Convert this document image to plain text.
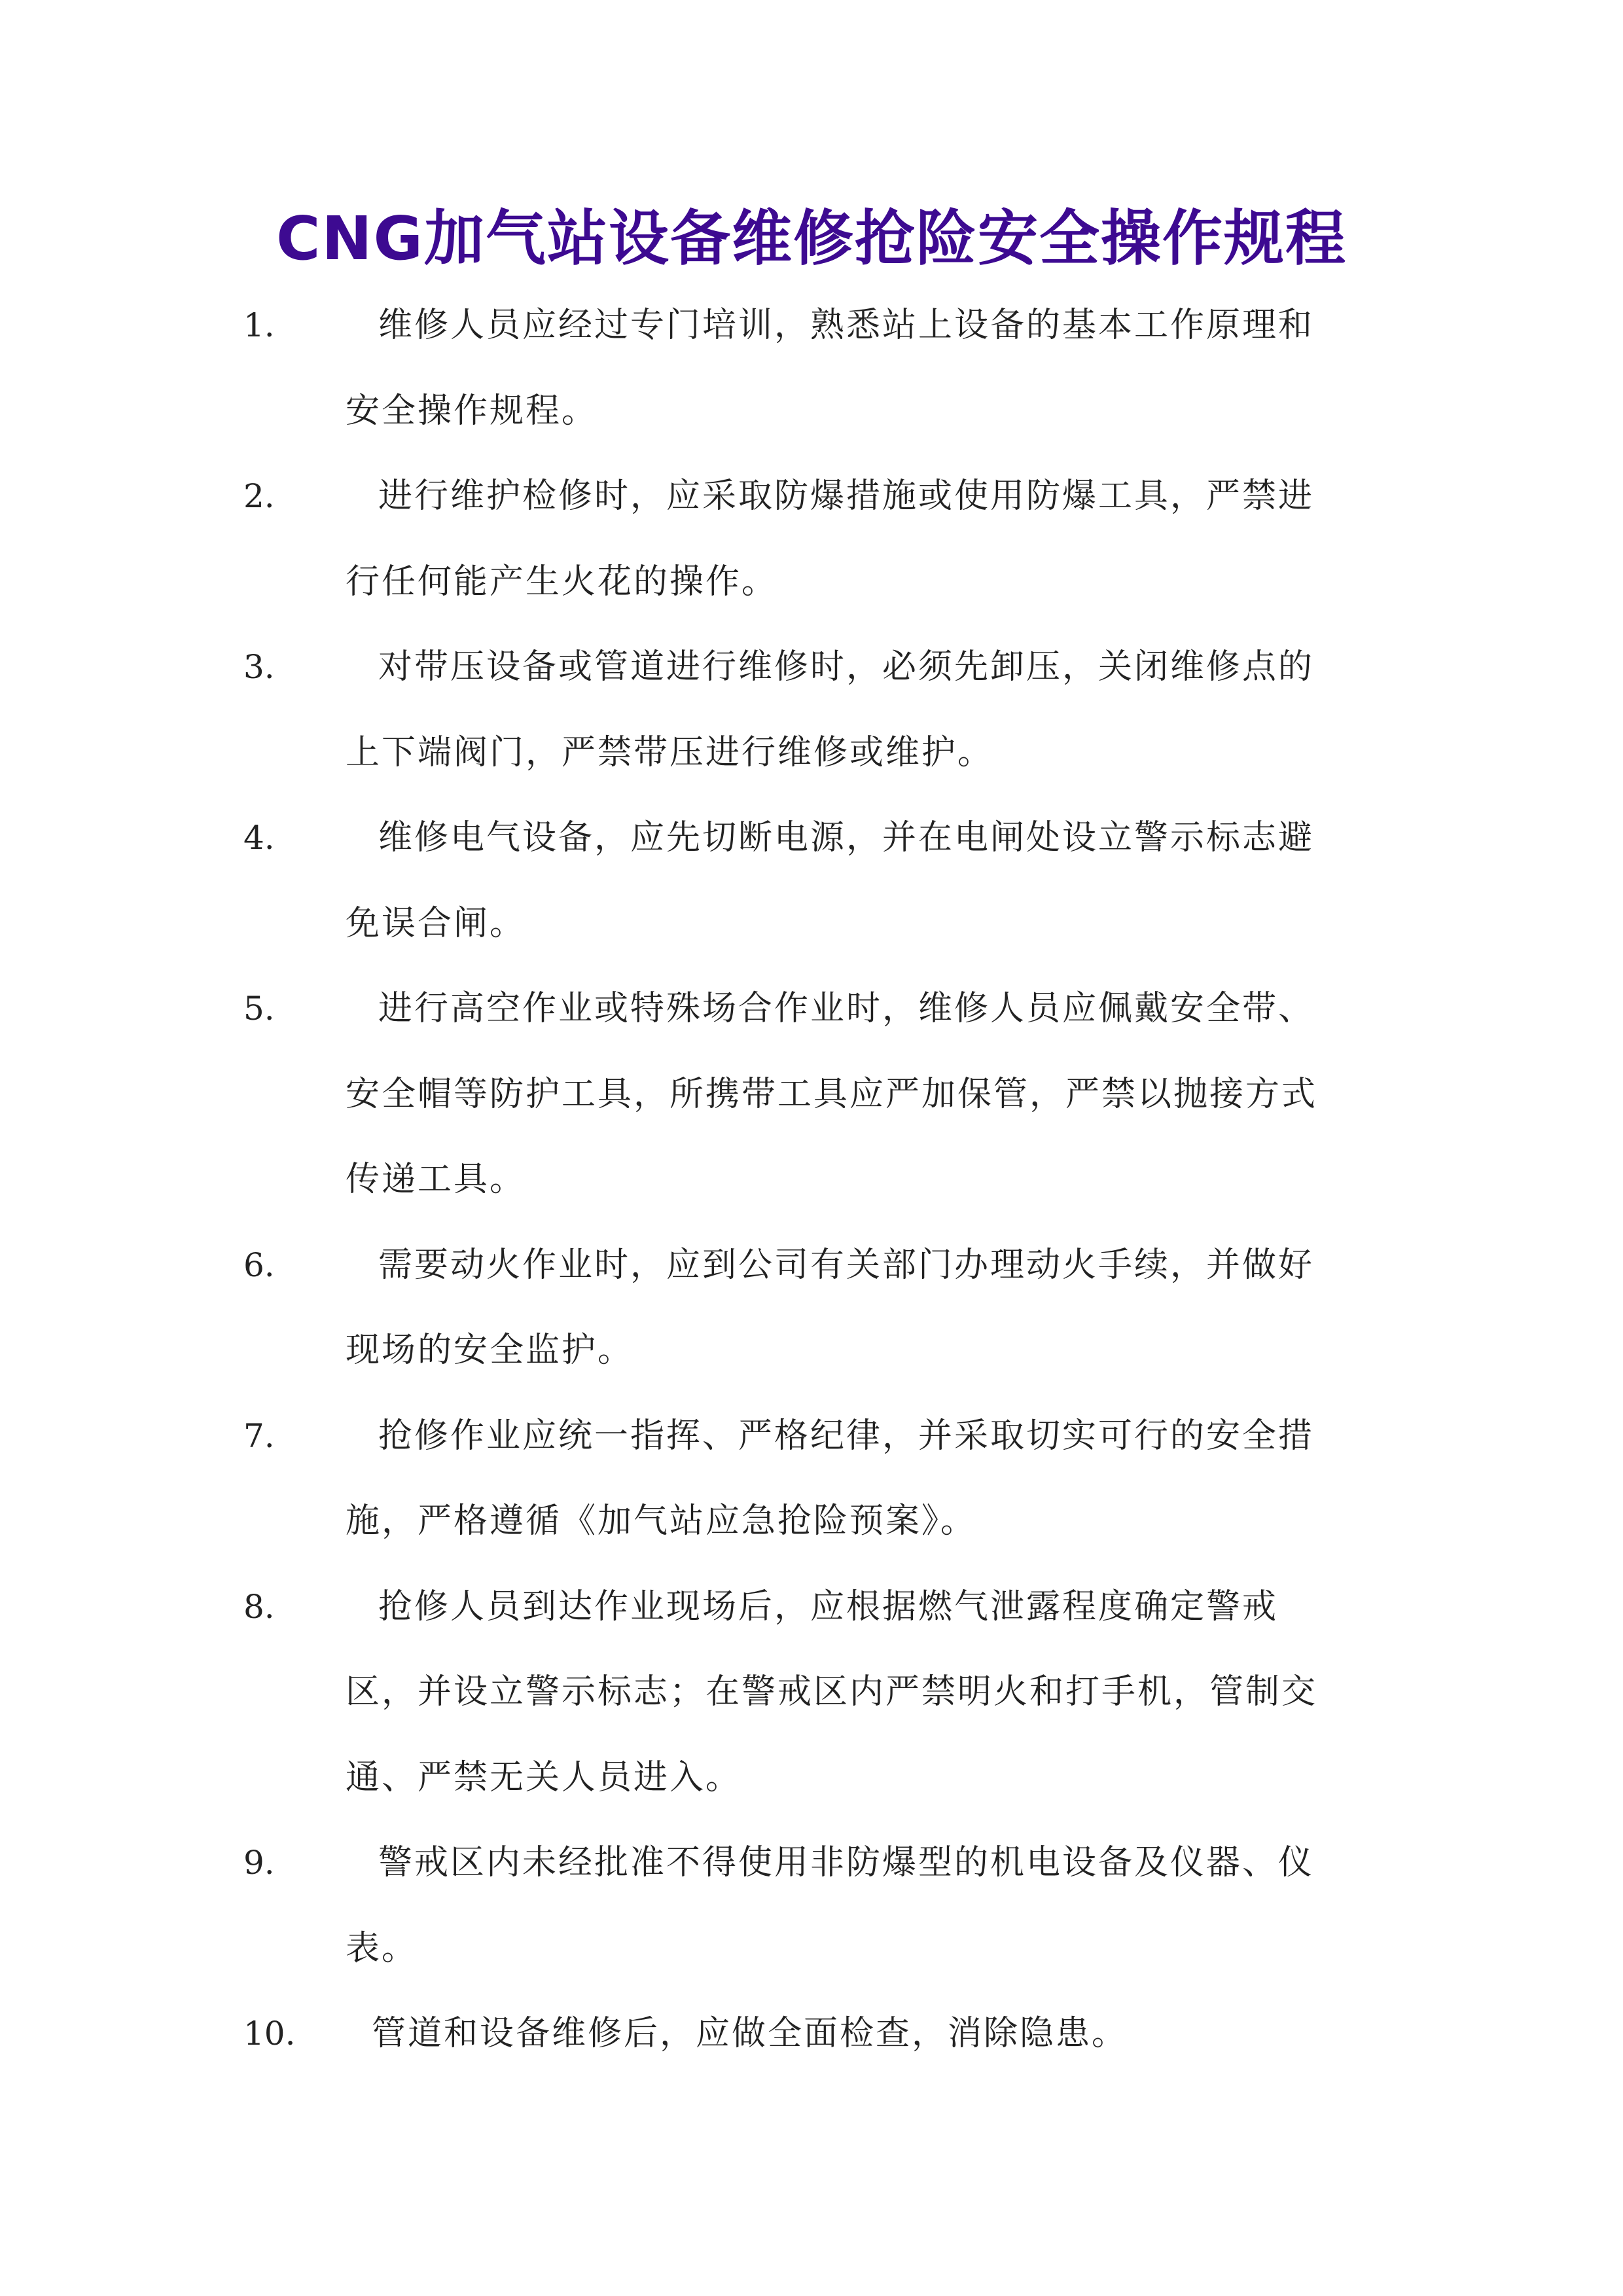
CNG加气站设备维修抢险安全操作规程
1.	维修人员应经过专门培训，熟悉站上设备的基本工作原理和
安全操作规程。
2.	进行维护检修时，应采取防爆措施或使用防爆工具，严禁进
行任何能产生火花的操作。
3.	对带压设备或管道进行维修时，必须先卸压，关闭维修点的
上下端阀门，严禁带压进行维修或维护。
4.	维修电气设备，应先切断电源，并在电闸处设立警示标志避
免误合闸。
5.	进行高空作业或特殊场合作业时，维修人员应佩戴安全带、
安全帽等防护工具，所携带工具应严加保管，严禁以抛接方式
传递工具。
6.	需要动火作业时，应到公司有关部门办理动火手续，并做好
现场的安全监护。
7.	抢修作业应统一指挥、严格纪律，并采取切实可行的安全措
施，严格遵循《加气站应急抢险预案》。
8.	抢修人员到达作业现场后，应根据燃气泄露程度确定警戒
区，并设立警示标志；在警戒区内严禁明火和打手机，管制交
通、严禁无关人员进入。
9.	警戒区内未经批准不得使用非防爆型的机电设备及仪器、仪
表。
10. 管道和设备维修后，应做全面检查，消除隐患。
